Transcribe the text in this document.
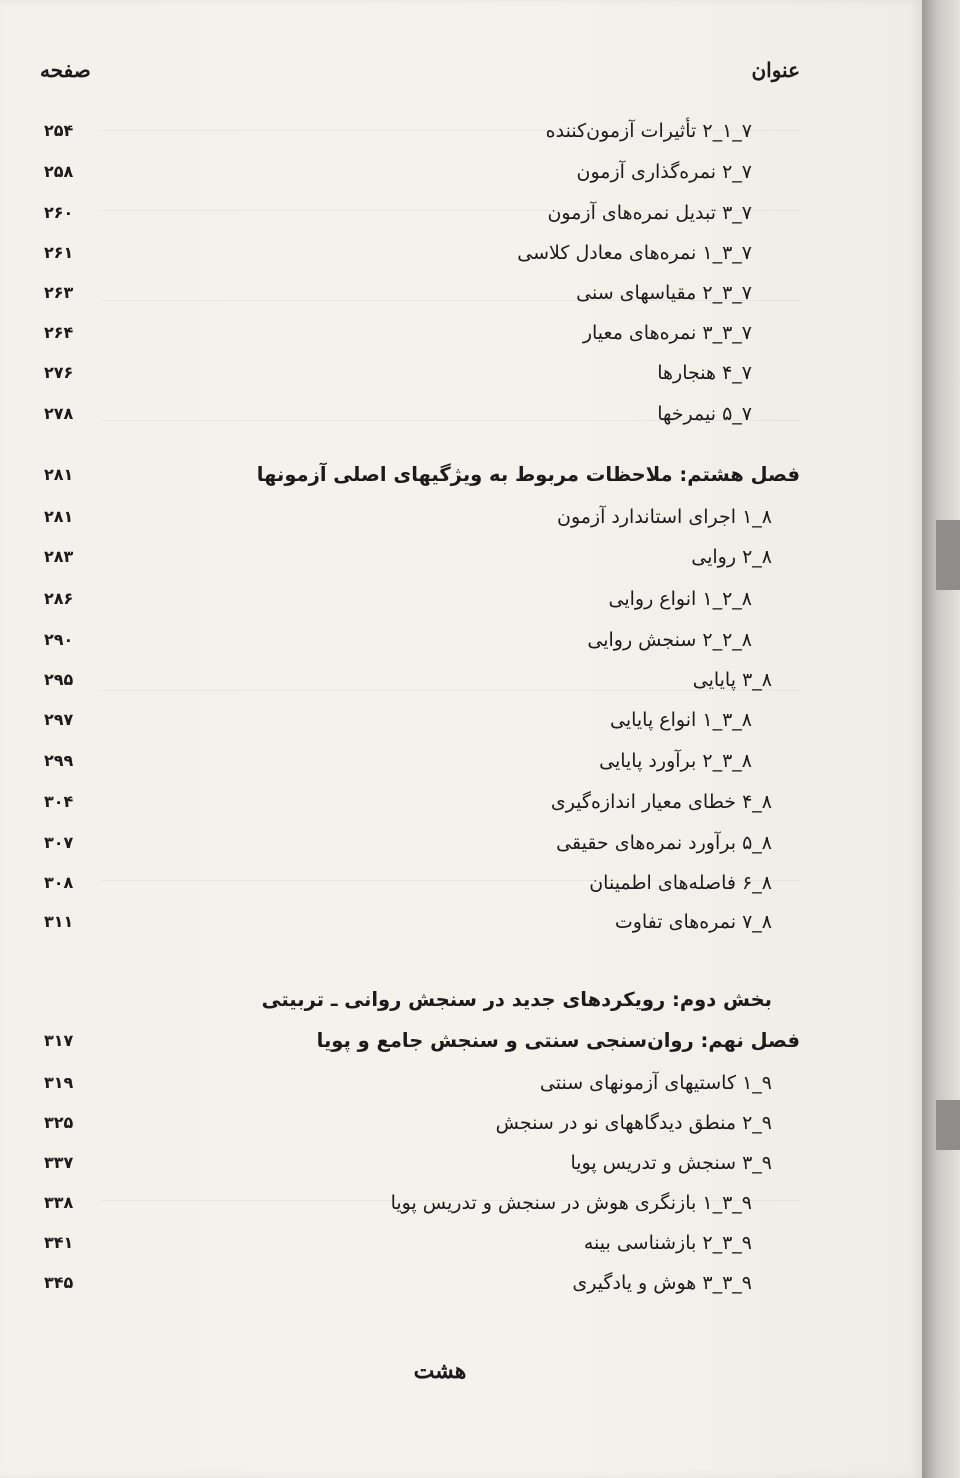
عنوان
صفحه
۷_۱_۲ تأثیرات آزمون‌کننده
۲۵۴
۷_۲ نمره‌گذاری آزمون
۲۵۸
۷_۳ تبدیل نمره‌های آزمون
۲۶۰
۷_۳_۱ نمره‌های معادل کلاسی
۲۶۱
۷_۳_۲ مقیاسهای سنی
۲۶۳
۷_۳_۳ نمره‌های معیار
۲۶۴
۷_۴ هنجارها
۲۷۶
۷_۵ نیمرخها
۲۷۸
فصل هشتم: ملاحظات مربوط به ویژگیهای اصلی آزمونها
۲۸۱
۸_۱ اجرای استاندارد آزمون
۲۸۱
۸_۲ روایی
۲۸۳
۸_۲_۱ انواع روایی
۲۸۶
۸_۲_۲ سنجش روایی
۲۹۰
۸_۳ پایایی
۲۹۵
۸_۳_۱ انواع پایایی
۲۹۷
۸_۳_۲ برآورد پایایی
۲۹۹
۸_۴ خطای معیار اندازه‌گیری
۳۰۴
۸_۵ برآورد نمره‌های حقیقی
۳۰۷
۸_۶ فاصله‌های اطمینان
۳۰۸
۸_۷ نمره‌های تفاوت
۳۱۱
بخش دوم: رویکردهای جدید در سنجش روانی ـ تربیتی
فصل نهم: روان‌سنجی سنتی و سنجش جامع و پویا
۳۱۷
۹_۱ کاستیهای آزمونهای سنتی
۳۱۹
۹_۲ منطق دیدگاههای نو در سنجش
۳۲۵
۹_۳ سنجش و تدریس پویا
۳۳۷
۹_۳_۱ بازنگری هوش در سنجش و تدریس پویا
۳۳۸
۹_۳_۲ بازشناسی بینه
۳۴۱
۹_۳_۳ هوش و یادگیری
۳۴۵
هشت
